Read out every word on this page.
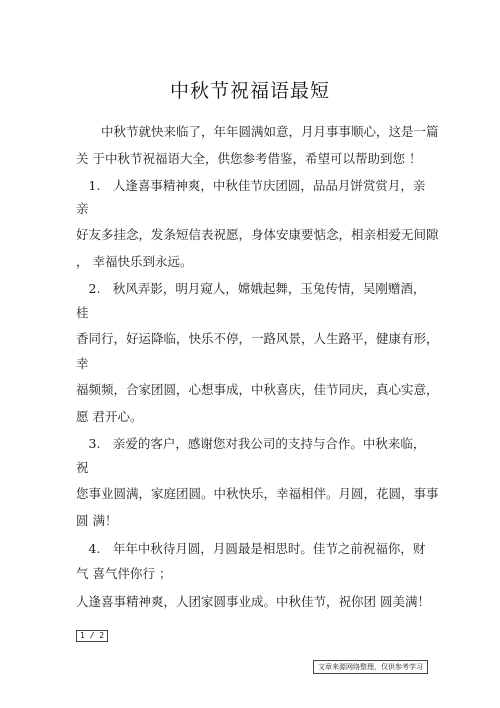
中秋节祝福语最短
　　中秋节就快来临了，年年圆满如意，月月事事顺心，这是一篇
关 于中秋节祝福语大全，供您参考借鉴，希望可以帮助到您 ！
　1.　人逢喜事精神爽，中秋佳节庆团圆，品品月饼赏赏月，亲
亲
好友多挂念，发条短信表祝愿，身体安康要惦念，相亲相爱无间隙
， 幸福快乐到永远。
　2.　秋风弄影，明月窥人，嫦娥起舞，玉兔传情，吴刚赠酒，
桂
香同行，好运降临，快乐不停，一路风景，人生路平，健康有形，
幸
福频频，合家团圆，心想事成，中秋喜庆，佳节同庆，真心实意，
愿 君开心。
　3.　亲爱的客户，感谢您对我公司的支持与合作。中秋来临，
祝
您事业圆满，家庭团圆。中秋快乐，幸福相伴。月圆，花圆，事事
圆 满！
　4.　年年中秋待月圆，月圆最是相思时。佳节之前祝福你，财
气 喜气伴你行 ；
人逢喜事精神爽，人团家圆事业成。中秋佳节，祝你团 圆美满！
1 / 2
文章来源网络整理，仅供参考学习
